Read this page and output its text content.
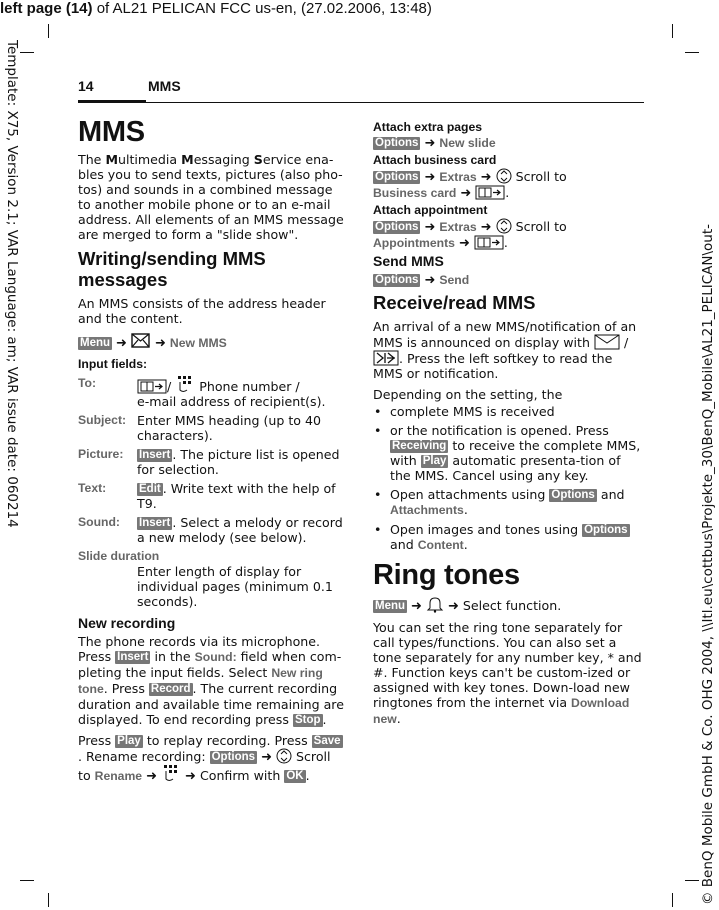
left page (14) of AL21 PELICAN FCC us-en, (27.02.2006, 13:48)
Template: X75, Version 2.1; VAR Language: am; VAR issue date: 060214	© BenQ Mobile GmbH & Co. OHG 2004, \\Itl.eu\cottbus\Projekte_30\BenQ_Mobile\AL21_PELICAN\out-
14	MMS
MMS

The Multimedia Messaging Service ena-bles you to send texts, pictures (also pho-tos) and sounds in a combined message to another mobile phone or to an e-mail address. All elements of an MMS message are merged to form a "slide show".

Writing/sending MMS messages

An MMS consists of the address header and the content.

Menu ➜ ➜ New MMS

Input fields:

To:	/  Phone number /
e-mail address of recipient(s).
Subject: Enter MMS heading (up to 40 characters).
Picture:	Insert . The picture list is opened for selection.
Text:	Edit . Write text with the help of T9.
Sound:	Insert . Select a melody or record a new melody (see below).
Slide duration
Enter length of display for individual pages (minimum 0.1 seconds).
New recording

The phone records via its microphone. Press Insert in the Sound: field when com-pleting the input fields. Select New ring tone. Press Record . The current recording duration and available time remaining are displayed. To end recording press Stop .

Press Play to replay recording. Press Save. Rename recording: Options ➜  Scroll to Rename ➜ ➜ Confirm with OK .

Attach extra pages

Options ➜ New slide

Attach business card

Options ➜ Extras ➜  Scroll to
Business card ➜	.

Attach appointment

Options ➜ Extras ➜  Scroll to
Appointments ➜	.

Send MMS

Options ➜ Send

Receive/read MMS

An arrival of a new MMS/notification of an MMS is announced on display with  / . Press the left softkey to read the MMS or notification.

Depending on the setting, the

• complete MMS is received
• or the notification is opened. Press Receiving to receive the complete MMS, with Play automatic presenta-tion of the MMS. Cancel using any key.
• Open attachments using Options and Attachments.
• Open images and tones using Options
and Content.
Ring tones

Menu ➜ ➜ Select function.

You can set the ring tone separately for call types/functions. You can also set a tone separately for any number key, * and #. Function keys can't be custom-ized or assigned with key tones. Down-load new ringtones from the internet via Download new.
